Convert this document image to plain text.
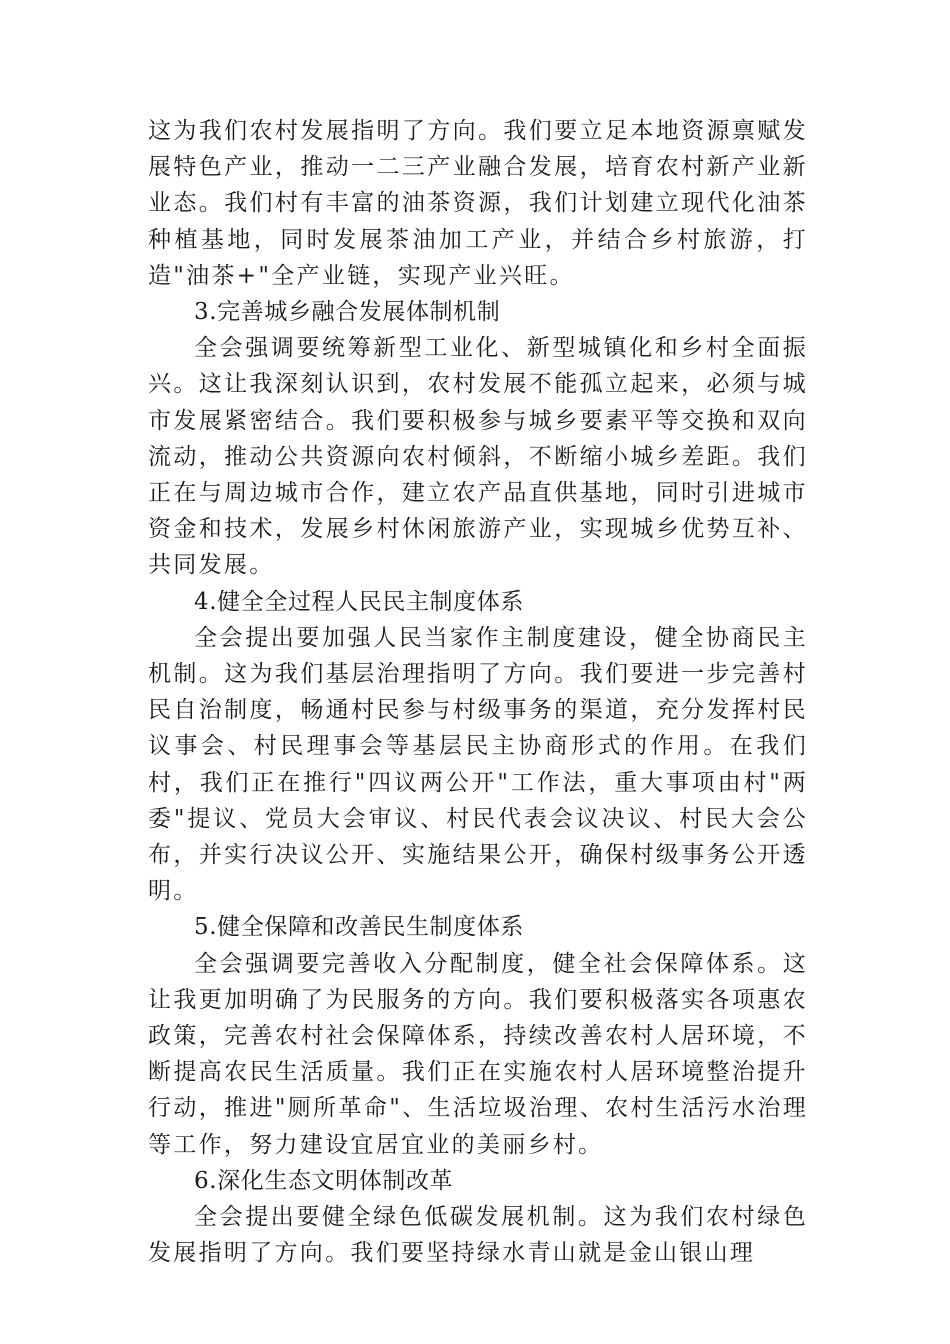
这为我们农村发展指明了方向。我们要立足本地资源禀赋发展特色产业，推动一二三产业融合发展，培育农村新产业新业态。我们村有丰富的油茶资源，我们计划建立现代化油茶种植基地，同时发展茶油加工产业，并结合乡村旅游，打造"油茶+"全产业链，实现产业兴旺。

3.完善城乡融合发展体制机制

全会强调要统筹新型工业化、新型城镇化和乡村全面振兴。这让我深刻认识到，农村发展不能孤立起来，必须与城市发展紧密结合。我们要积极参与城乡要素平等交换和双向流动，推动公共资源向农村倾斜，不断缩小城乡差距。我们正在与周边城市合作，建立农产品直供基地，同时引进城市资金和技术，发展乡村休闲旅游产业，实现城乡优势互补、共同发展。

4.健全全过程人民民主制度体系

全会提出要加强人民当家作主制度建设，健全协商民主机制。这为我们基层治理指明了方向。我们要进一步完善村民自治制度，畅通村民参与村级事务的渠道，充分发挥村民议事会、村民理事会等基层民主协商形式的作用。在我们村，我们正在推行"四议两公开"工作法，重大事项由村"两委"提议、党员大会审议、村民代表会议决议、村民大会公布，并实行决议公开、实施结果公开，确保村级事务公开透明。

5.健全保障和改善民生制度体系

全会强调要完善收入分配制度，健全社会保障体系。这让我更加明确了为民服务的方向。我们要积极落实各项惠农政策，完善农村社会保障体系，持续改善农村人居环境，不断提高农民生活质量。我们正在实施农村人居环境整治提升行动，推进"厕所革命"、生活垃圾治理、农村生活污水治理等工作，努力建设宜居宜业的美丽乡村。

6.深化生态文明体制改革

全会提出要健全绿色低碳发展机制。这为我们农村绿色发展指明了方向。我们要坚持绿水青山就是金山银山理
